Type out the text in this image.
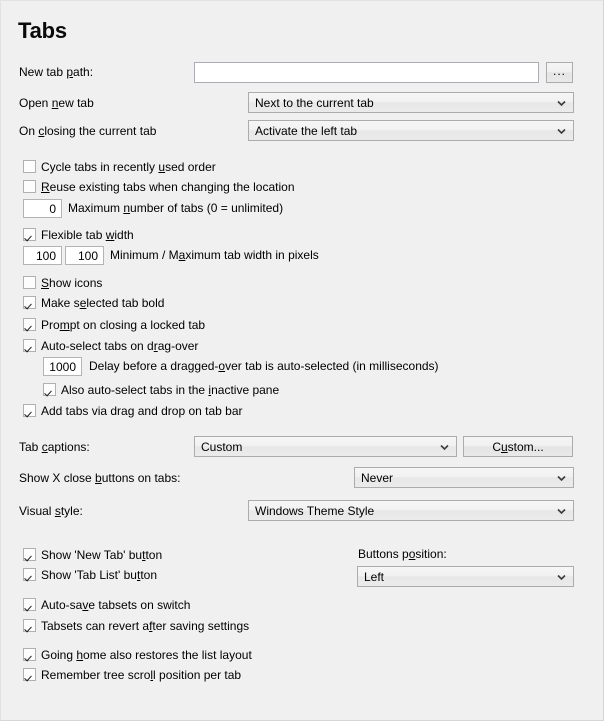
Tabs
New tab path:	...
Open new tab	Next to the current tab
On closing the current tab	Activate the left tab
Cycle tabs in recently used order
Reuse existing tabs when changing the location
0
Maximum number of tabs (0 = unlimited)
Flexible tab width
100
100
Minimum / Maximum tab width in pixels
Show icons
Make selected tab bold
Prompt on closing a locked tab
Auto-select tabs on drag-over
1000
Delay before a dragged-over tab is auto-selected (in milliseconds)
Also auto-select tabs in the inactive pane
Add tabs via drag and drop on tab bar
Tab captions:	Custom	Custom...
Show X close buttons on tabs:	Never
Visual style:	Windows Theme Style
Show 'New Tab' button
Show 'Tab List' button
Buttons position:
Left
Auto-save tabsets on switch
Tabsets can revert after saving settings
Going home also restores the list layout
Remember tree scroll position per tab
